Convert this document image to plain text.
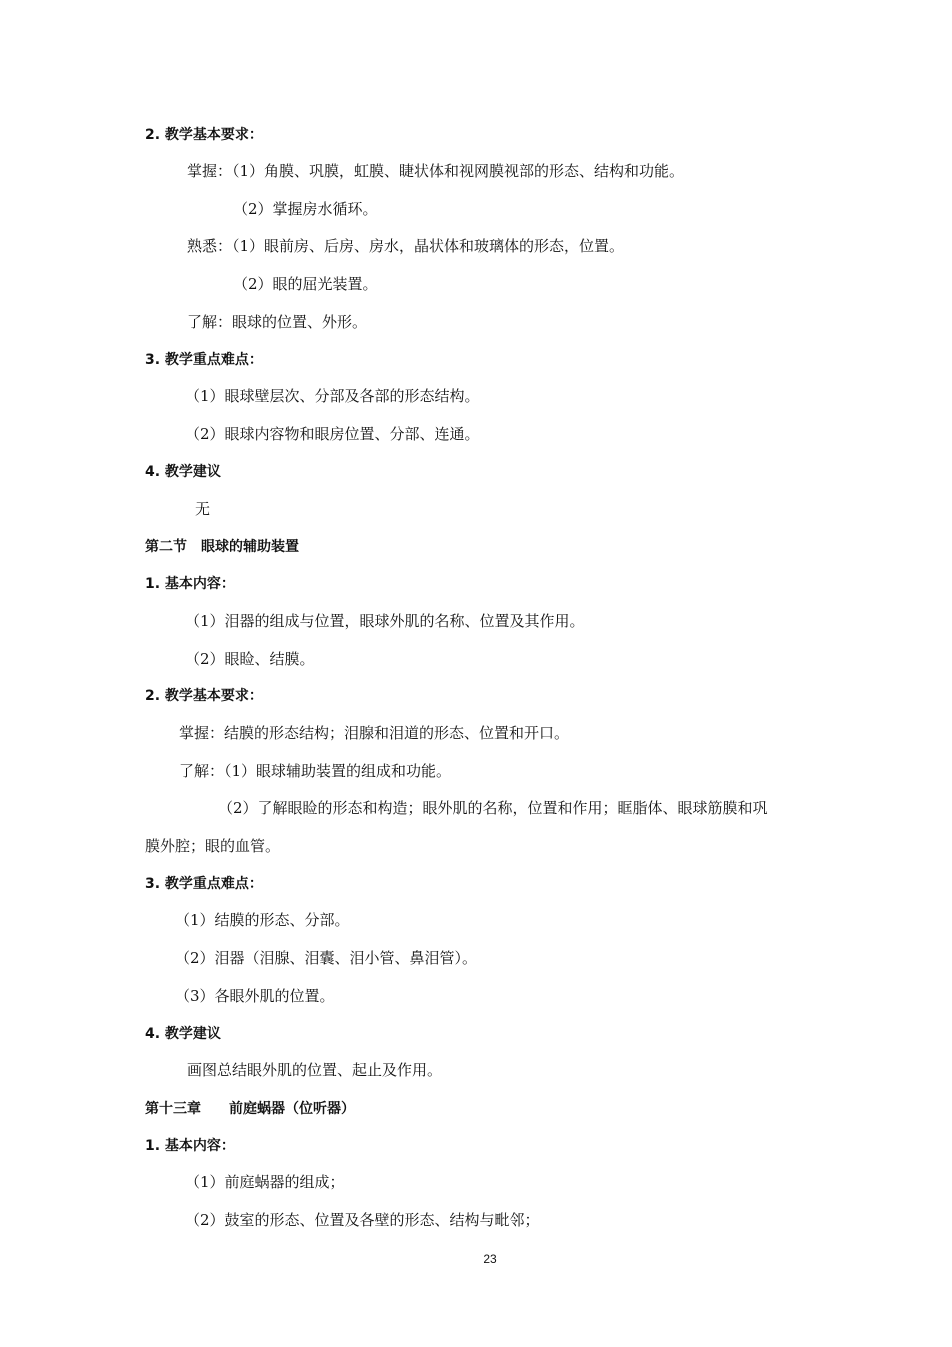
2. 教学基本要求：
掌握：（1）角膜、巩膜，虹膜、睫状体和视网膜视部的形态、结构和功能。
（2）掌握房水循环。
熟悉：（1）眼前房、后房、房水，晶状体和玻璃体的形态，位置。
（2）眼的屈光装置。
了解：眼球的位置、外形。
3. 教学重点难点：
（1）眼球壁层次、分部及各部的形态结构。
（2）眼球内容物和眼房位置、分部、连通。
4. 教学建议
无
第二节　眼球的辅助装置
1. 基本内容：
（1）泪器的组成与位置，眼球外肌的名称、位置及其作用。
（2）眼睑、结膜。
2. 教学基本要求：
掌握：结膜的形态结构；泪腺和泪道的形态、位置和开口。
了解：（1）眼球辅助装置的组成和功能。
（2）了解眼睑的形态和构造；眼外肌的名称，位置和作用；眶脂体、眼球筋膜和巩
膜外腔；眼的血管。
3. 教学重点难点：
（1）结膜的形态、分部。
（2）泪器（泪腺、泪囊、泪小管、鼻泪管）。
（3）各眼外肌的位置。
4. 教学建议
画图总结眼外肌的位置、起止及作用。
第十三章　　前庭蜗器（位听器）
1. 基本内容：
（1）前庭蜗器的组成；
（2）鼓室的形态、位置及各壁的形态、结构与毗邻；
23
